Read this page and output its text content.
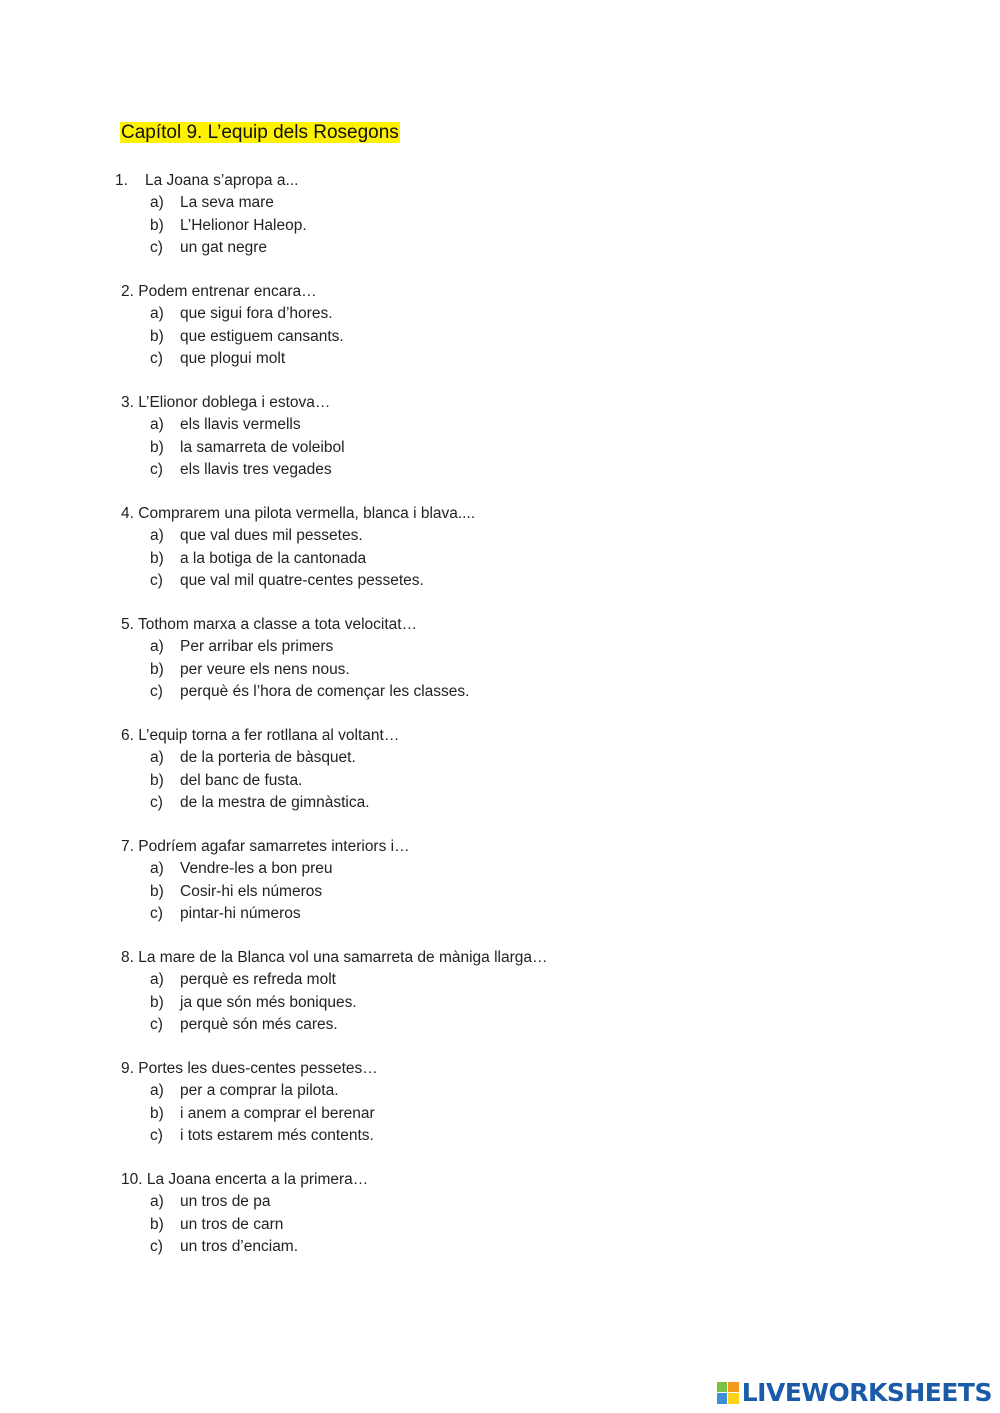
Capítol 9. L’equip dels Rosegons
1. La Joana s’apropa a...
a) La seva mare
b) L’Helionor Haleop.
c) un gat negre
2. Podem entrenar encara…
a) que sigui fora d’hores.
b) que estiguem cansants.
c) que plogui molt
3. L’Elionor doblega i estova…
a) els llavis vermells
b) la samarreta de voleibol
c) els llavis tres vegades
4. Comprarem una pilota vermella, blanca i blava....
a) que val dues mil pessetes.
b) a la botiga de la cantonada
c) que val mil quatre-centes pessetes.
5. Tothom marxa a classe a tota velocitat…
a) Per arribar els primers
b) per veure els nens nous.
c) perquè és l’hora de començar les classes.
6. L’equip torna a fer rotllana al voltant…
a) de la porteria de bàsquet.
b) del banc de fusta.
c) de la mestra de gimnàstica.
7. Podríem agafar samarretes interiors i…
a) Vendre-les a bon preu
b) Cosir-hi els números
c) pintar-hi números
8. La mare de la Blanca vol una samarreta de màniga llarga…
a) perquè es refreda molt
b) ja que són més boniques.
c) perquè són més cares.
9. Portes les dues-centes pessetes…
a) per a comprar la pilota.
b) i anem a comprar el berenar
c) i tots estarem més contents.
10. La Joana encerta a la primera…
a) un tros de pa
b) un tros de carn
c) un tros d’enciam.
LIVEWORKSHEETS
